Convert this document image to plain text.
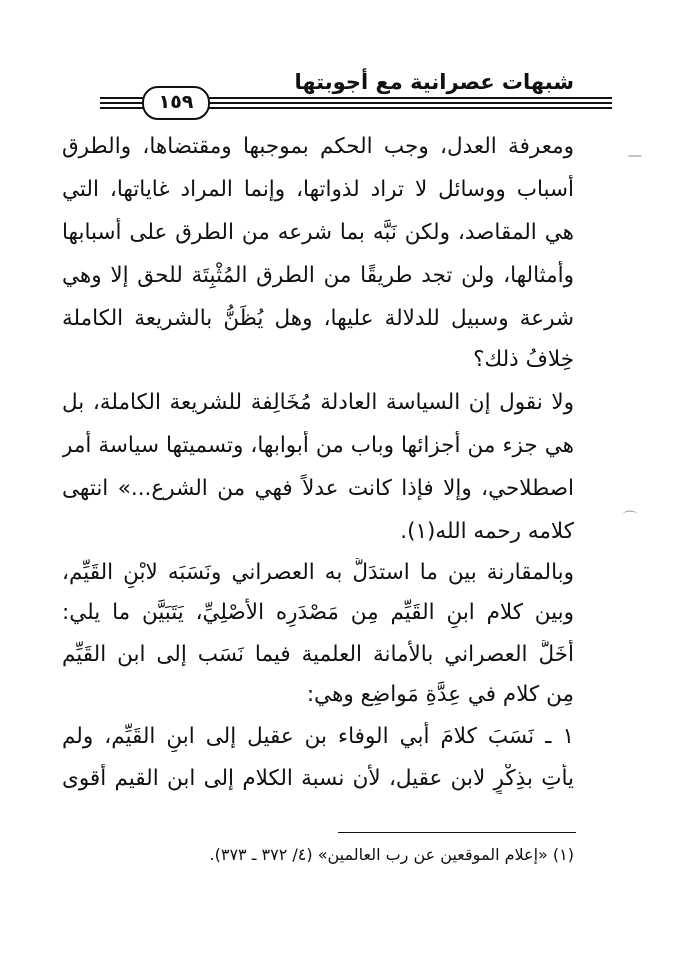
شبهات عصرانية مع أجوبتها
١٥٩
ومعرفة العدل، وجب الحكم بموجبها ومقتضاها، والطرق
أسباب ووسائل لا تراد لذواتها، وإنما المراد غاياتها، التي
هي المقاصد، ولكن نَبَّه بما شرعه من الطرق على أسبابها
وأمثالها، ولن تجد طريقًا من الطرق المُثْبِتَة للحق إلا وهي
شرعة وسبيل للدلالة عليها، وهل يُظَنُّ بالشريعة الكاملة
خِلافُ ذلك؟
ولا نقول إن السياسة العادلة مُخَالِفة للشريعة الكاملة، بل
هي جزء من أجزائها وباب من أبوابها، وتسميتها سياسة أمر
اصطلاحي، وإلا فإذا كانت عدلاً فهي من الشرع...» انتهى
كلامه رحمه الله(١).
وبالمقارنة بين ما استدَلَّ به العصراني ونَسَبَه لابْنِ القَيِّم،
وبين كلام ابنِ القَيِّم مِن مَصْدَرِه الأَصْلِيِّ، يَتَبَيَّن ما يلي:
أَخَلَّ العصراني بالأمانة العلمية فيما نَسَب إلى ابن القَيِّم
مِن كلام في عِدَّةِ مَواضِع وهي:
١ ـ نَسَبَ كلامَ أبي الوفاء بن عقيل إلى ابنِ القَيِّم، ولم
يأْتِ بذِكْرٍ لابن عقيل، لأن نسبة الكلام إلى ابن القيم أقوى
(١) «إعلام الموقعين عن رب العالمين» (٤/ ٣٧٢ ـ ٣٧٣).
—
⌒
